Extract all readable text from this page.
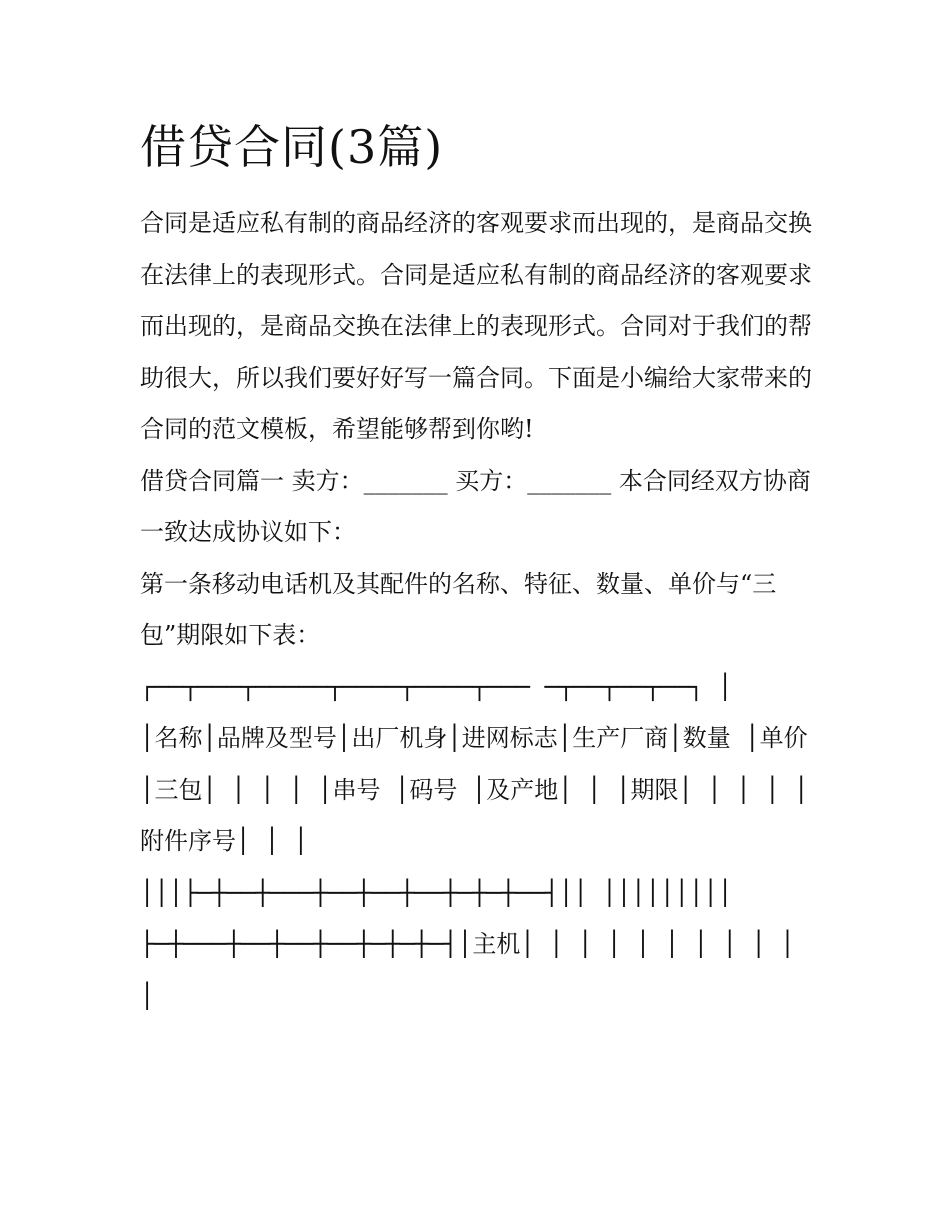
借贷合同(3篇)

合同是适应私有制的商品经济的客观要求而出现的，是商品交换在法律上的表现形式。合同是适应私有制的商品经济的客观要求而出现的，是商品交换在法律上的表现形式。合同对于我们的帮助很大，所以我们要好好写一篇合同。下面是小编给大家带来的合同的范文模板，希望能够帮到你哟!

借贷合同篇一 卖方：_______ 买方：_______ 本合同经双方协商一致达成协议如下：

第一条移动电话机及其配件的名称、特征、数量、单价与“三包”期限如下表：

┌──┬───┬─────┬────┬────┬─── ─┬──┬──┬──┐ │

│名称│品牌及型号│出厂机身│进网标志│生产厂商│数量 │单价│三包│ │ │ │ │串号 │码号 │及产地│ │ │期限│ │ │ │ │附件序号│ │ │

│││├─┼──┼───┼──┼──┼──┼─┼─┼──┤││ │││││││││

├─┼───┼──┼──┼──┼─┼─┼─┤│主机│ │ │ │ │ │ │ │ │ │ │
